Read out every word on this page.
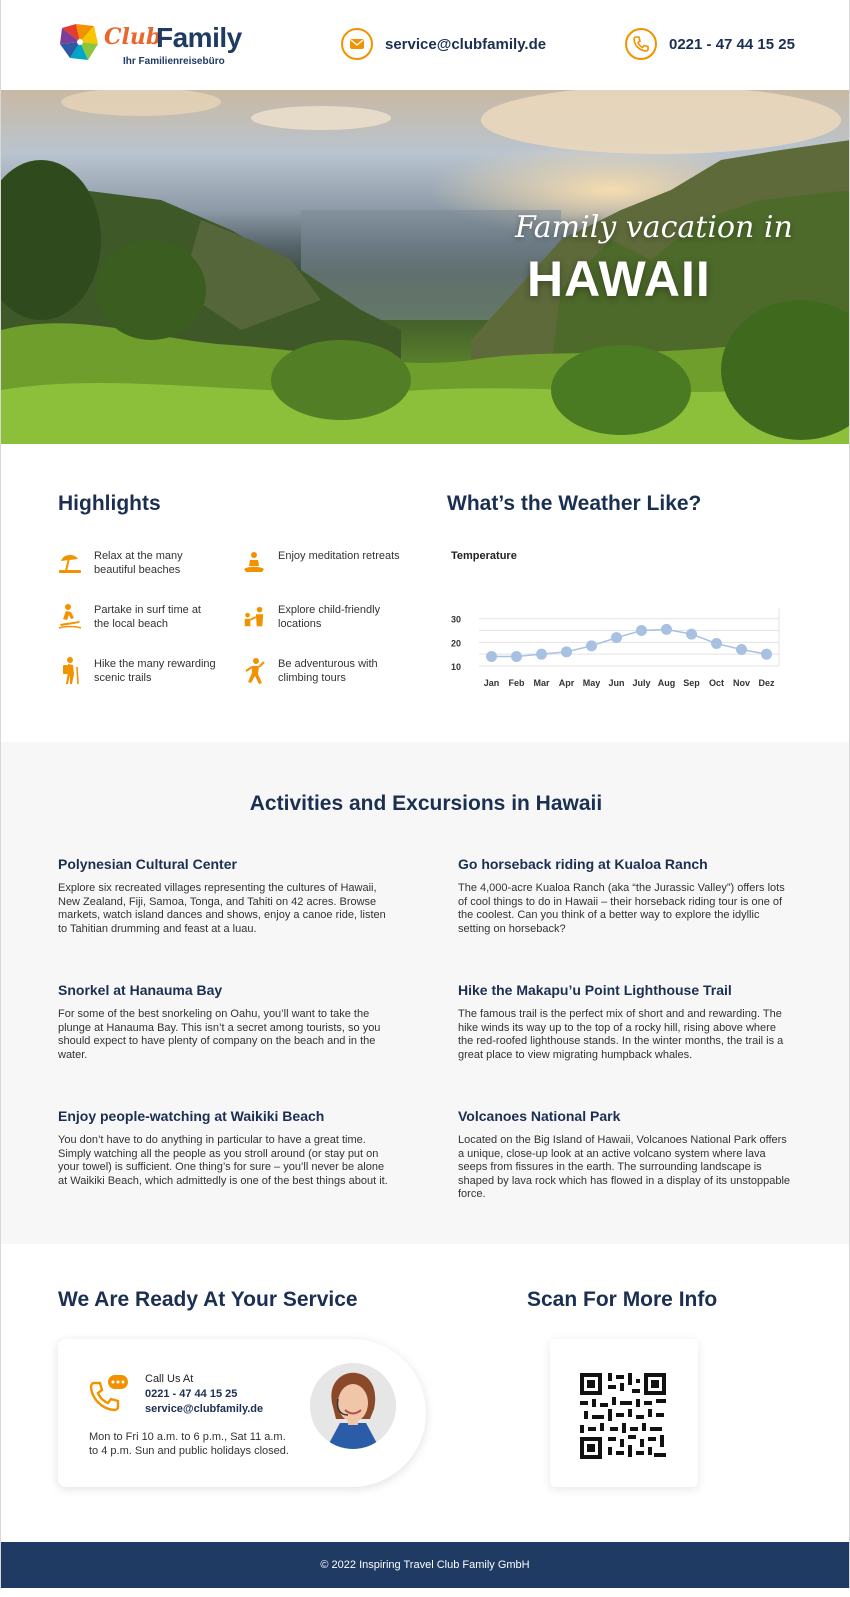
Club
Family
Ihr Familienreisebüro
service@clubfamily.de	0221 - 47 44 15 25
Family vacation in
HAWAII
Highlights
Relax at the many beautiful beaches
Enjoy meditation retreats
Partake in surf time at the local beach
Explore child-friendly locations
Hike the many rewarding scenic trails
Be adventurous with climbing tours
What’s the Weather Like?
Temperature
10
20
30
Jan Feb Mar Apr May Jun July Aug Sep Oct Nov Dez
Activities and Excursions in Hawaii
Polynesian Cultural Center

Explore six recreated villages representing the cultures of Hawaii, New Zealand, Fiji, Samoa, Tonga, and Tahiti on 42 acres. Browse markets, watch island dances and shows, enjoy a canoe ride, listen to Tahitian drumming and feast at a luau.

Go horseback riding at Kualoa Ranch

The 4,000-acre Kualoa Ranch (aka “the Jurassic Valley”) offers lots of cool things to do in Hawaii – their horseback riding tour is one of the coolest. Can you think of a better way to explore the idyllic setting on horseback?

Snorkel at Hanauma Bay

For some of the best snorkeling on Oahu, you’ll want to take the plunge at Hanauma Bay. This isn’t a secret among tourists, so you should expect to have plenty of company on the beach and in the water.

Hike the Makapu’u Point Lighthouse Trail

The famous trail is the perfect mix of short and and rewarding. The hike winds its way up to the top of a rocky hill, rising above where the red-roofed lighthouse stands. In the winter months, the trail is a great place to view migrating humpback whales.

Enjoy people-watching at Waikiki Beach

You don’t have to do anything in particular to have a great time. Simply watching all the people as you stroll around (or stay put on your towel) is sufficient. One thing’s for sure – you’ll never be alone at Waikiki Beach, which admittedly is one of the best things about it.

Volcanoes National Park

Located on the Big Island of Hawaii, Volcanoes National Park offers a unique, close-up look at an active volcano system where lava seeps from fissures in the earth. The surrounding landscape is shaped by lava rock which has flowed in a display of its unstoppable force.

We Are Ready At Your Service	Scan For More Info
Call Us At
0221 - 47 44 15 25
service@clubfamily.de
Mon to Fri 10 a.m. to 6 p.m., Sat 11 a.m. to 4 p.m. Sun and public holidays closed.
© 2022 Inspiring Travel Club Family GmbH
